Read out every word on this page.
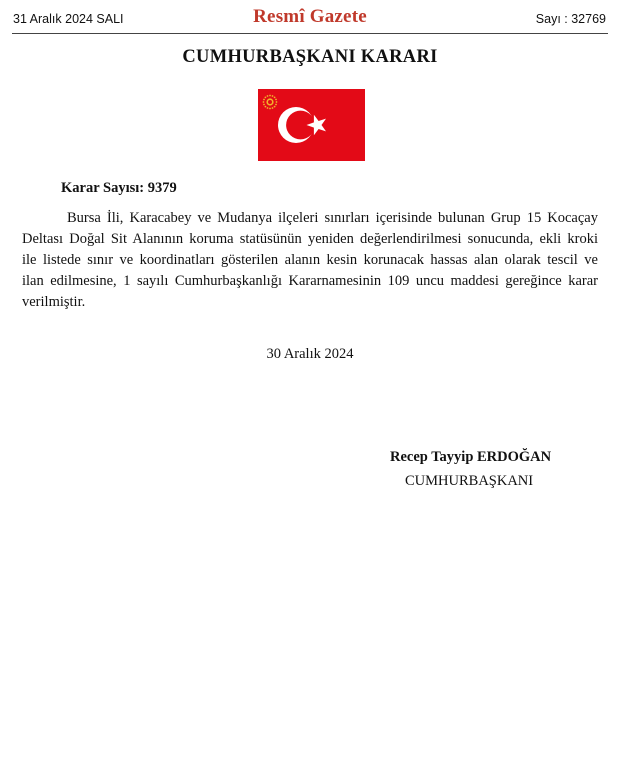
31 Aralık 2024 SALI	Resmî Gazete	Sayı : 32769
CUMHURBAŞKANI KARARI
Karar Sayısı: 9379
Bursa İli, Karacabey ve Mudanya ilçeleri sınırları içerisinde bulunan Grup 15 Kocaçay
Deltası Doğal Sit Alanının koruma statüsünün yeniden değerlendirilmesi sonucunda, ekli kroki
ile listede sınır ve koordinatları gösterilen alanın kesin korunacak hassas alan olarak tescil ve
ilan edilmesine, 1 sayılı Cumhurbaşkanlığı Kararnamesinin 109 uncu maddesi gereğince karar
verilmiştir.
30 Aralık 2024
Recep Tayyip ERDOĞAN
CUMHURBAŞKANI
